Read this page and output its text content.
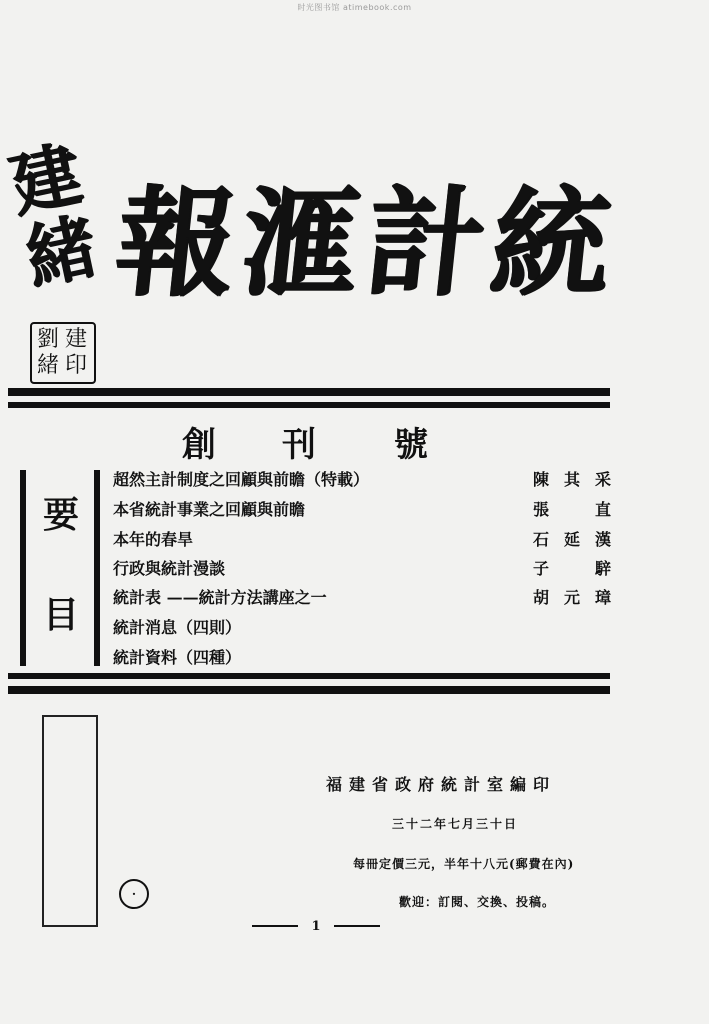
时光图书馆 atimebook.com
建
緒
劉 建
緒 印
報滙計統
創 刊 號
要
目
超然主計制度之回顧與前瞻（特載）	陳其采
本省統計事業之回顧與前瞻	張直
本年的春旱	石延漢
行政與統計漫談	子騂
統計表 ——統計方法講座之一	胡元璋
統計消息（四則）
統計資料（四種）
·
福建省政府統計室編印
三十二年七月三十日
每冊定價三元，半年十八元(郵費在內)
歡迎：訂閱、交換、投稿。
1
